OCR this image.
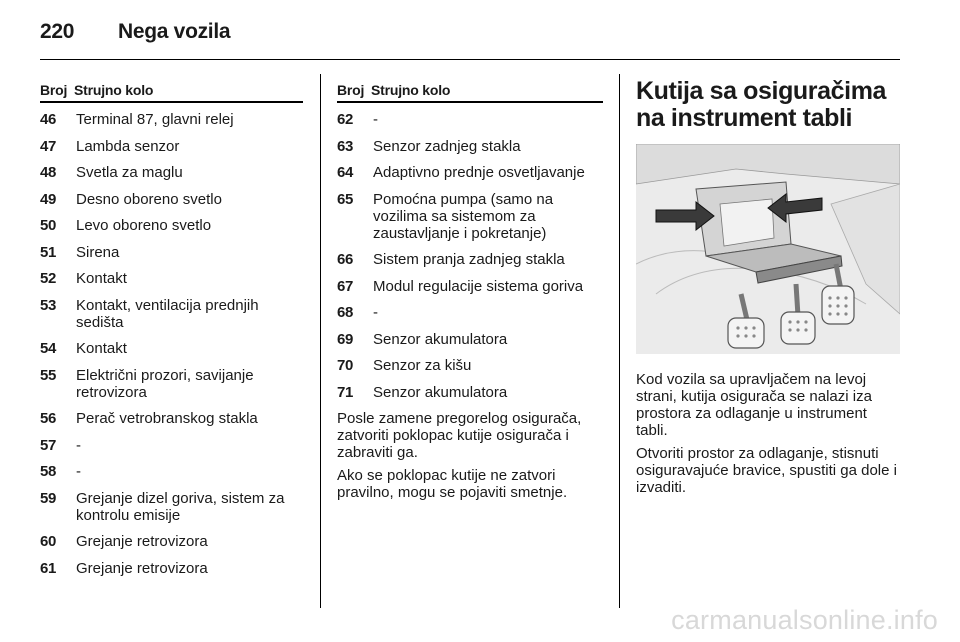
220 Nega vozila
Broj Strujno kolo
46	Terminal 87, glavni relej
47	Lambda senzor
48	Svetla za maglu
49	Desno oboreno svetlo
50	Levo oboreno svetlo
51	Sirena
52	Kontakt
53	Kontakt, ventilacija prednjih sedišta
54	Kontakt
55	Električni prozori, savijanje retrovizora
56	Perač vetrobranskog stakla
57	-
58	-
59	Grejanje dizel goriva, sistem za kontrolu emisije
60	Grejanje retrovizora
61	Grejanje retrovizora
Broj Strujno kolo
62	-
63	Senzor zadnjeg stakla
64	Adaptivno prednje osvetljavanje
65	Pomoćna pumpa (samo na vozilima sa sistemom za zaustavljanje i pokretanje)
66	Sistem pranja zadnjeg stakla
67	Modul regulacije sistema goriva
68	-
69	Senzor akumulatora
70	Senzor za kišu
71	Senzor akumulatora

Posle zamene pregorelog osigurača, zatvoriti poklopac kutije osigurača i zabraviti ga.

Ako se poklopac kutije ne zatvori pravilno, mogu se pojaviti smetnje.

Kutija sa osiguračima na instrument tabli

Kod vozila sa upravljačem na levoj strani, kutija osigurača se nalazi iza prostora za odlaganje u instrument tabli.

Otvoriti prostor za odlaganje, stisnuti osiguravajuće bravice, spustiti ga dole i izvaditi.

carmanualsonline.info
